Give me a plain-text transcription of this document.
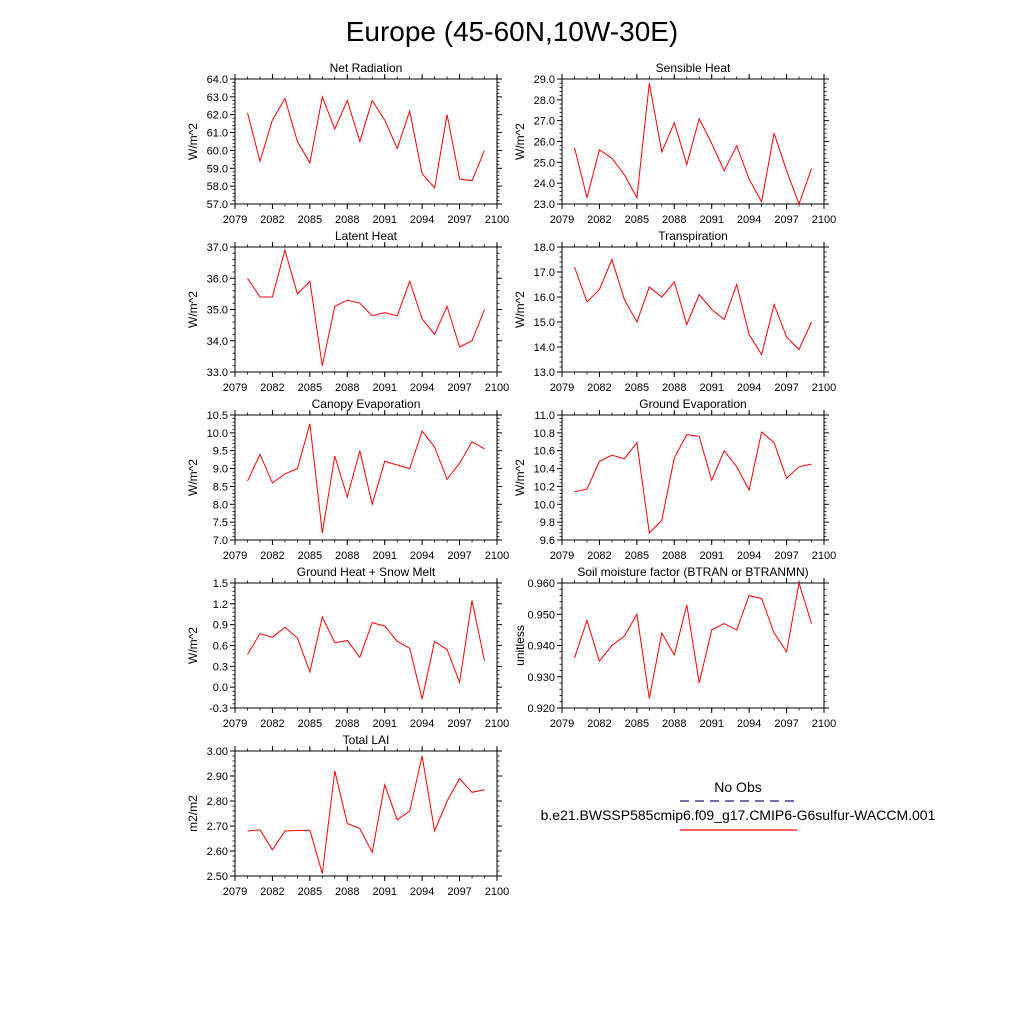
Europe (45-60N,10W-30E)
Net Radiation
W/m^2
2079 2082 2085 2088 2091 2094 2097 2100
57.0
58.0
59.0
60.0
61.0
62.0
63.0
64.0
Sensible Heat
W/m^2
2079 2082 2085 2088 2091 2094 2097 2100
23.0
24.0
25.0
26.0
27.0
28.0
29.0
Latent Heat
W/m^2
2079 2082 2085 2088 2091 2094 2097 2100
33.0
34.0
35.0
36.0
37.0
Transpiration
W/m^2
2079 2082 2085 2088 2091 2094 2097 2100
13.0
14.0
15.0
16.0
17.0
18.0
Canopy Evaporation
W/m^2
2079 2082 2085 2088 2091 2094 2097 2100
7.0
7.5
8.0
8.5
9.0
9.5
10.0
10.5
Ground Evaporation
W/m^2
2079 2082 2085 2088 2091 2094 2097 2100
9.6
9.8
10.0
10.2
10.4
10.6
10.8
11.0
Ground Heat + Snow Melt
W/m^2
2079 2082 2085 2088 2091 2094 2097 2100
-0.3
0.0
0.3
0.6
0.9
1.2
1.5
Soil moisture factor (BTRAN or BTRANMN)
unitless
2079 2082 2085 2088 2091 2094 2097 2100
0.920
0.930
0.940
0.950
0.960
Total LAI
m2/m2
2079 2082 2085 2088 2091 2094 2097 2100
2.50
2.60
2.70
2.80
2.90
3.00
No Obs
b.e21.BWSSP585cmip6.f09_g17.CMIP6-G6sulfur-WACCM.001
